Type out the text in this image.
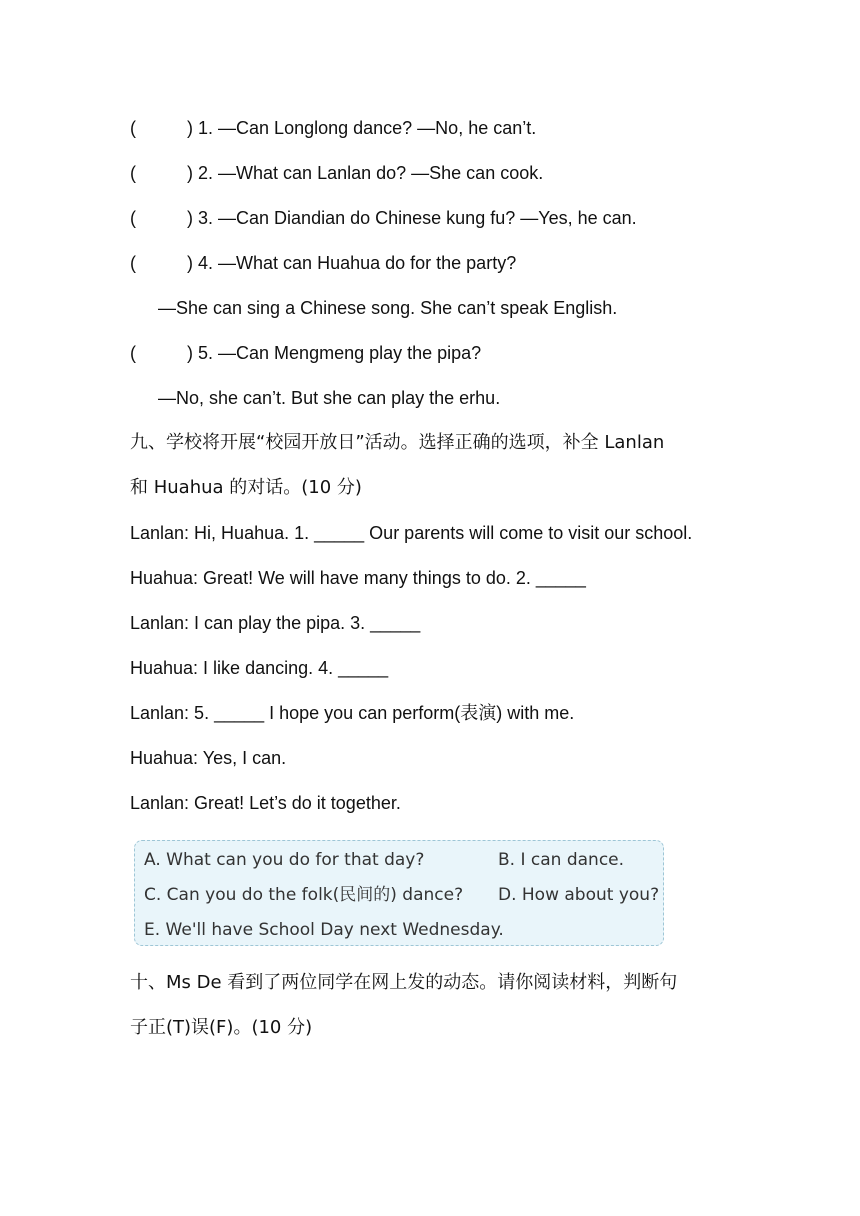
(	) 1. —Can Longlong dance? —No, he can’t.
(	) 2. —What can Lanlan do? —She can cook.
(	) 3. —Can Diandian do Chinese kung fu? —Yes, he can.
(	) 4. —What can Huahua do for the party?
—She can sing a Chinese song. She can’t speak English.
(	) 5. —Can Mengmeng play the pipa?
—No, she can’t. But she can play the erhu.
九、学校将开展“校园开放日”活动。选择正确的选项，补全 Lanlan
和 Huahua 的对话。(10 分)
Lanlan: Hi, Huahua. 1. _____ Our parents will come to visit our school.
Huahua: Great! We will have many things to do. 2. _____
Lanlan: I can play the pipa. 3. _____
Huahua: I like dancing. 4. _____
Lanlan: 5. _____ I hope you can perform(表演) with me.
Huahua: Yes, I can.
Lanlan: Great! Let’s do it together.
A. What can you do for that day?	B. I can dance.
C. Can you do the folk(民间的) dance? D. How about you?
E. We'll have School Day next Wednesday.
十、Ms De 看到了两位同学在网上发的动态。请你阅读材料，判断句
子正(T)误(F)。(10 分)
